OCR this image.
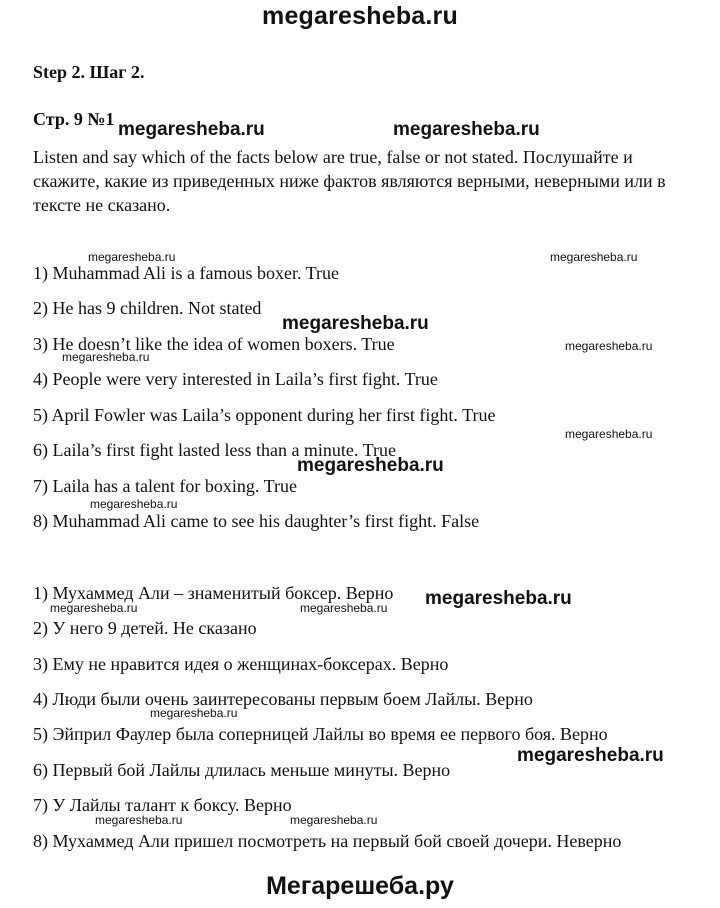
megaresheba.ru
Step 2. Шаг 2.
Стр. 9 №1
Listen and say which of the facts below are true, false or not stated. Послушайте и скажите, какие из приведенных ниже фактов являются верными, неверными или в тексте не сказано.
1) Muhammad Ali is a famous boxer. True
2) He has 9 children. Not stated
3) He doesn’t like the idea of women boxers. True
4) People were very interested in Laila’s first fight. True
5) April Fowler was Laila’s opponent during her first fight. True
6) Laila’s first fight lasted less than a minute. True
7) Laila has a talent for boxing. True
8) Muhammad Ali came to see his daughter’s first fight. False
1) Мухаммед Али – знаменитый боксер. Верно
2) У него 9 детей. Не сказано
3) Ему не нравится идея о женщинах-боксерах. Верно
4) Люди были очень заинтересованы первым боем Лайлы. Верно
5) Эйприл Фаулер была соперницей Лайлы во время ее первого боя. Верно
6) Первый бой Лайлы длилась меньше минуты. Верно
7) У Лайлы талант к боксу. Верно
8) Мухаммед Али пришел посмотреть на первый бой своей дочери. Неверно
megaresheba.ru	megaresheba.ru
megaresheba.ru	megaresheba.ru
megaresheba.ru
megaresheba.ru
megaresheba.ru
megaresheba.ru
megaresheba.ru
megaresheba.ru
megaresheba.ru
megaresheba.ru	megaresheba.ru
megaresheba.ru
megaresheba.ru
megaresheba.ru	megaresheba.ru
Мегарешеба.ру
